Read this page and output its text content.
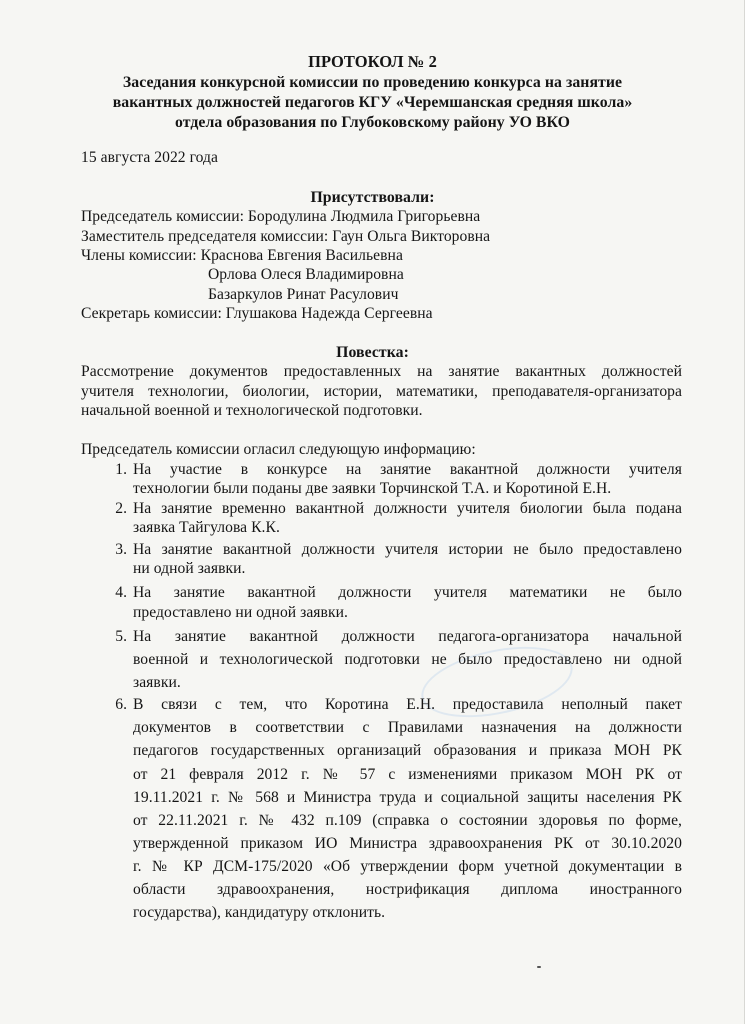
ПРОТОКОЛ № 2
Заседания конкурсной комиссии по проведению конкурса на занятие
вакантных должностей педагогов КГУ «Черемшанская средняя школа»
отдела образования по Глубоковскому району УО ВКО
15 августа 2022 года
Присутствовали:
Председатель комиссии: Бородулина Людмила Григорьевна
Заместитель председателя комиссии: Гаун Ольга Викторовна
Члены комиссии: Краснова Евгения Васильевна
Орлова Олеся Владимировна
Базаркулов Ринат Расулович
Секретарь комиссии: Глушакова Надежда Сергеевна
Повестка:
Рассмотрение документов предоставленных на занятие вакантных должностей
учителя технологии, биологии, истории, математики, преподавателя-организатора
начальной военной и технологической подготовки.
Председатель комиссии огласил следующую информацию:
1. На участие в конкурсе на занятие вакантной должности учителя
технологии были поданы две заявки Торчинской Т.А. и Коротиной Е.Н.
2. На занятие временно вакантной должности учителя биологии была подана
заявка Тайгулова К.К.
3. На занятие вакантной должности учителя истории не было предоставлено
ни одной заявки.
4. На занятие вакантной должности учителя математики не было
предоставлено ни одной заявки.
5. На занятие вакантной должности педагога-организатора начальной
военной и технологической подготовки не было предоставлено ни одной
заявки.
6. В связи с тем, что Коротина Е.Н. предоставила неполный пакет
документов в соответствии с Правилами назначения на должности
педагогов государственных организаций образования и приказа МОН РК
от 21 февраля 2012 г. № 57 с изменениями приказом МОН РК от
19.11.2021 г. № 568 и Министра труда и социальной защиты населения РК
от 22.11.2021 г. № 432 п.109 (справка о состоянии здоровья по форме,
утвержденной приказом ИО Министра здравоохранения РК от 30.10.2020
г. № КР ДСМ-175/2020 «Об утверждении форм учетной документации в
области здравоохранения, нострификация диплома иностранного
государства), кандидатуру отклонить.
